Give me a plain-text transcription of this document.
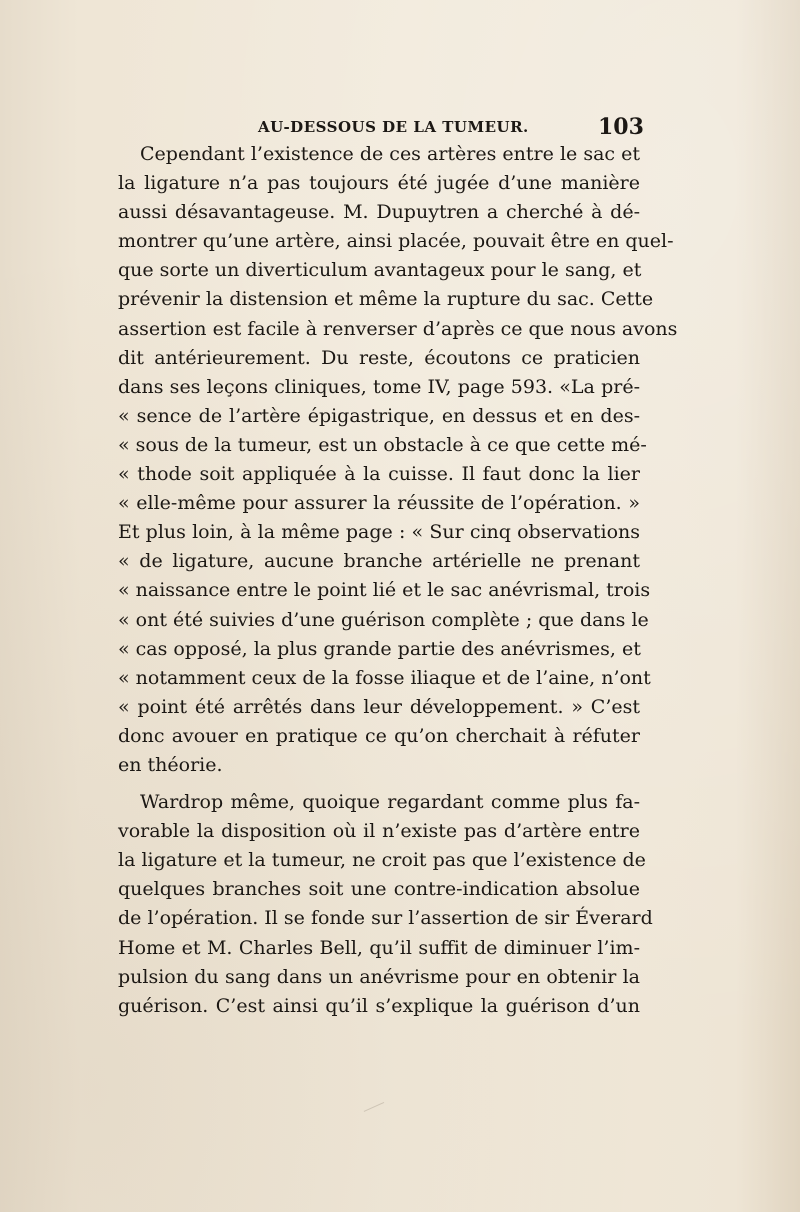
AU-DESSOUS DE LA TUMEUR.	103
Cependant l’existence de ces artères entre le sac et
la ligature n’a pas toujours été jugée d’une manière
aussi désavantageuse. M. Dupuytren a cherché à dé-
montrer qu’une artère, ainsi placée, pouvait être en quel-
que sorte un diverticulum avantageux pour le sang, et
prévenir la distension et même la rupture du sac. Cette
assertion est facile à renverser d’après ce que nous avons
dit antérieurement. Du reste, écoutons ce praticien
dans ses leçons cliniques, tome IV, page 593. «La pré-
« sence de l’artère épigastrique, en dessus et en des-
« sous de la tumeur, est un obstacle à ce que cette mé-
« thode soit appliquée à la cuisse. Il faut donc la lier
« elle-même pour assurer la réussite de l’opération. »
Et plus loin, à la même page : « Sur cinq observations
« de ligature, aucune branche artérielle ne prenant
« naissance entre le point lié et le sac anévrismal, trois
« ont été suivies d’une guérison complète ; que dans le
« cas opposé, la plus grande partie des anévrismes, et
« notamment ceux de la fosse iliaque et de l’aine, n’ont
« point été arrêtés dans leur développement. » C’est
donc avouer en pratique ce qu’on cherchait à réfuter
en théorie.
Wardrop même, quoique regardant comme plus fa-
vorable la disposition où il n’existe pas d’artère entre
la ligature et la tumeur, ne croit pas que l’existence de
quelques branches soit une contre-indication absolue
de l’opération. Il se fonde sur l’assertion de sir Éverard
Home et M. Charles Bell, qu’il suffit de diminuer l’im-
pulsion du sang dans un anévrisme pour en obtenir la
guérison. C’est ainsi qu’il s’explique la guérison d’un
